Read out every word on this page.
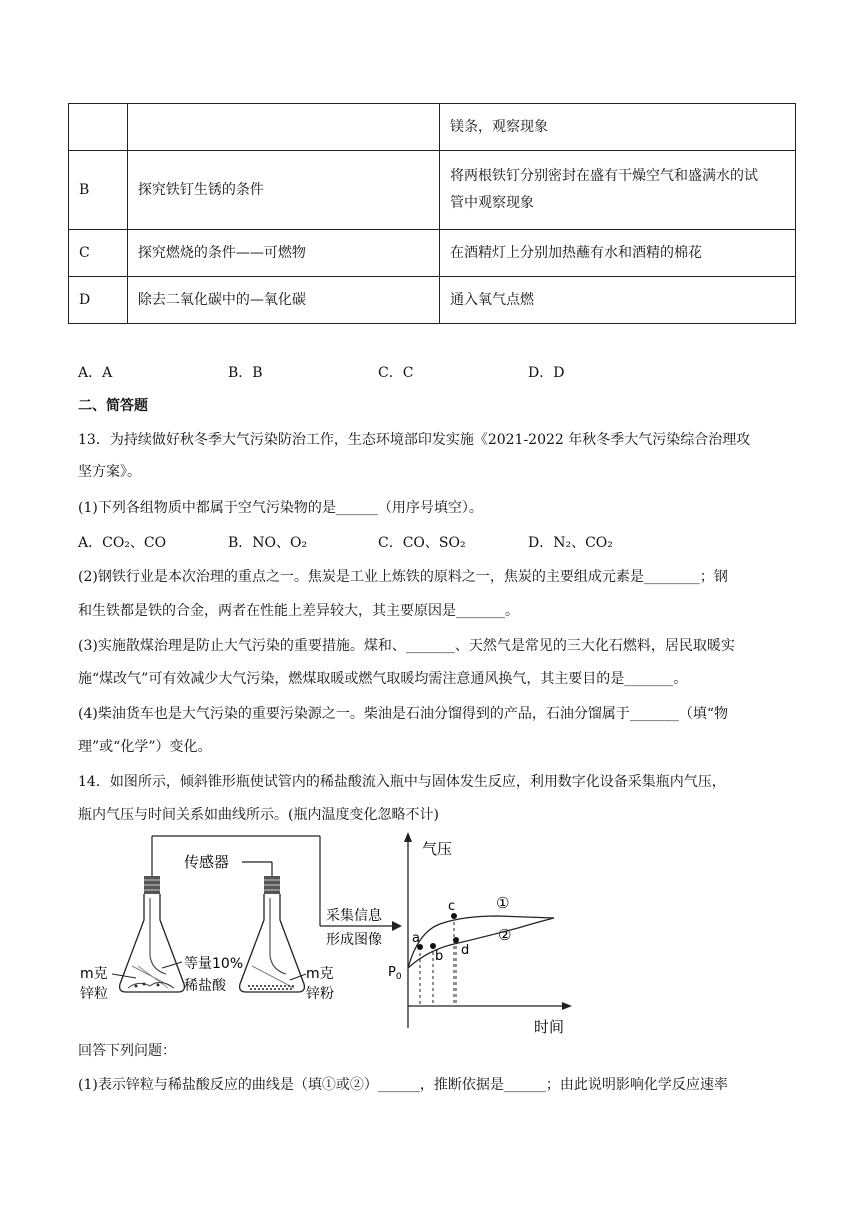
		镁条，观察现象
B	探究铁钉生锈的条件	将两根铁钉分别密封在盛有干燥空气和盛满水的试
管中观察现象

C	探究燃烧的条件——可燃物	在酒精灯上分别加热蘸有水和酒精的棉花
D	除去二氧化碳中的—氧化碳	通入氧气点燃
A．A	B．B	C．C	D．D
二、简答题
13．为持续做好秋冬季大气污染防治工作，生态环境部印发实施《2021-2022 年秋冬季大气污染综合治理攻
坚方案》。
(1)下列各组物质中都属于空气污染物的是______（用序号填空）。
A．CO₂、CO	B．NO、O₂	C．CO、SO₂	D．N₂、CO₂
(2)钢铁行业是本次治理的重点之一。焦炭是工业上炼铁的原料之一，焦炭的主要组成元素是________；钢
和生铁都是铁的合金，两者在性能上差异较大，其主要原因是_______。
(3)实施散煤治理是防止大气污染的重要措施。煤和、_______、天然气是常见的三大化石燃料，居民取暖实
施“煤改气”可有效减少大气污染，燃煤取暖或燃气取暖均需注意通风换气，其主要目的是_______。
(4)柴油货车也是大气污染的重要污染源之一。柴油是石油分馏得到的产品，石油分馏属于_______（填“物
理”或“化学”）变化。
14．如图所示，倾斜锥形瓶使试管内的稀盐酸流入瓶中与固体发生反应，利用数字化设备采集瓶内气压，
瓶内气压与时间关系如曲线所示。(瓶内温度变化忽略不计)
传感器
m克
锌粒
等量10%
稀盐酸
m克
锌粉
采集信息
形成图像
气压
时间
$P_0$
a
b
c
d
①
②
回答下列问题：
(1)表示锌粒与稀盐酸反应的曲线是（填①或②）______，推断依据是______；由此说明影响化学反应速率
